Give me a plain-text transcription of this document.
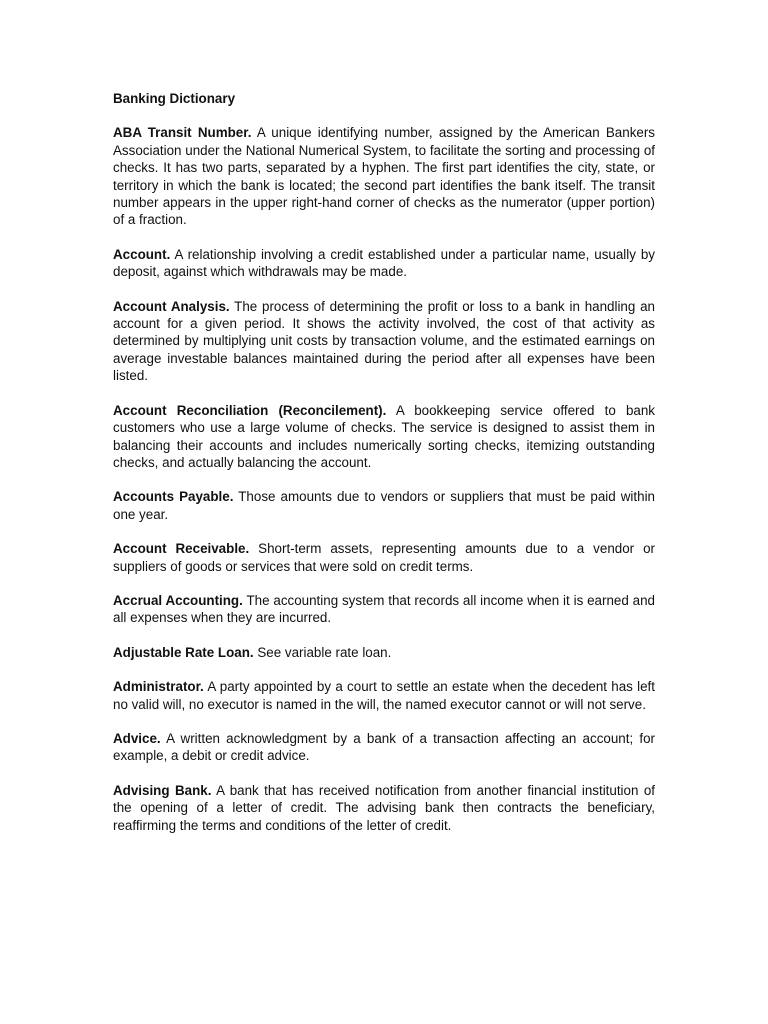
Banking Dictionary

ABA Transit Number. A unique identifying number, assigned by the American Bankers Association under the National Numerical System, to facilitate the sorting and processing of checks. It has two parts, separated by a hyphen. The first part identifies the city, state, or territory in which the bank is located; the second part identifies the bank itself. The transit number appears in the upper right-hand corner of checks as the numerator (upper portion) of a fraction.

Account. A relationship involving a credit established under a particular name, usually by deposit, against which withdrawals may be made.

Account Analysis. The process of determining the profit or loss to a bank in handling an account for a given period. It shows the activity involved, the cost of that activity as determined by multiplying unit costs by transaction volume, and the estimated earnings on average investable balances maintained during the period after all expenses have been listed.

Account Reconciliation (Reconcilement). A bookkeeping service offered to bank customers who use a large volume of checks. The service is designed to assist them in balancing their accounts and includes numerically sorting checks, itemizing outstanding checks, and actually balancing the account.

Accounts Payable. Those amounts due to vendors or suppliers that must be paid within one year.

Account Receivable. Short-term assets, representing amounts due to a vendor or suppliers of goods or services that were sold on credit terms.

Accrual Accounting. The accounting system that records all income when it is earned and all expenses when they are incurred.

Adjustable Rate Loan. See variable rate loan.

Administrator. A party appointed by a court to settle an estate when the decedent has left no valid will, no executor is named in the will, the named executor cannot or will not serve.

Advice. A written acknowledgment by a bank of a transaction affecting an account; for example, a debit or credit advice.

Advising Bank. A bank that has received notification from another financial institution of the opening of a letter of credit. The advising bank then contracts the beneficiary, reaffirming the terms and conditions of the letter of credit.
